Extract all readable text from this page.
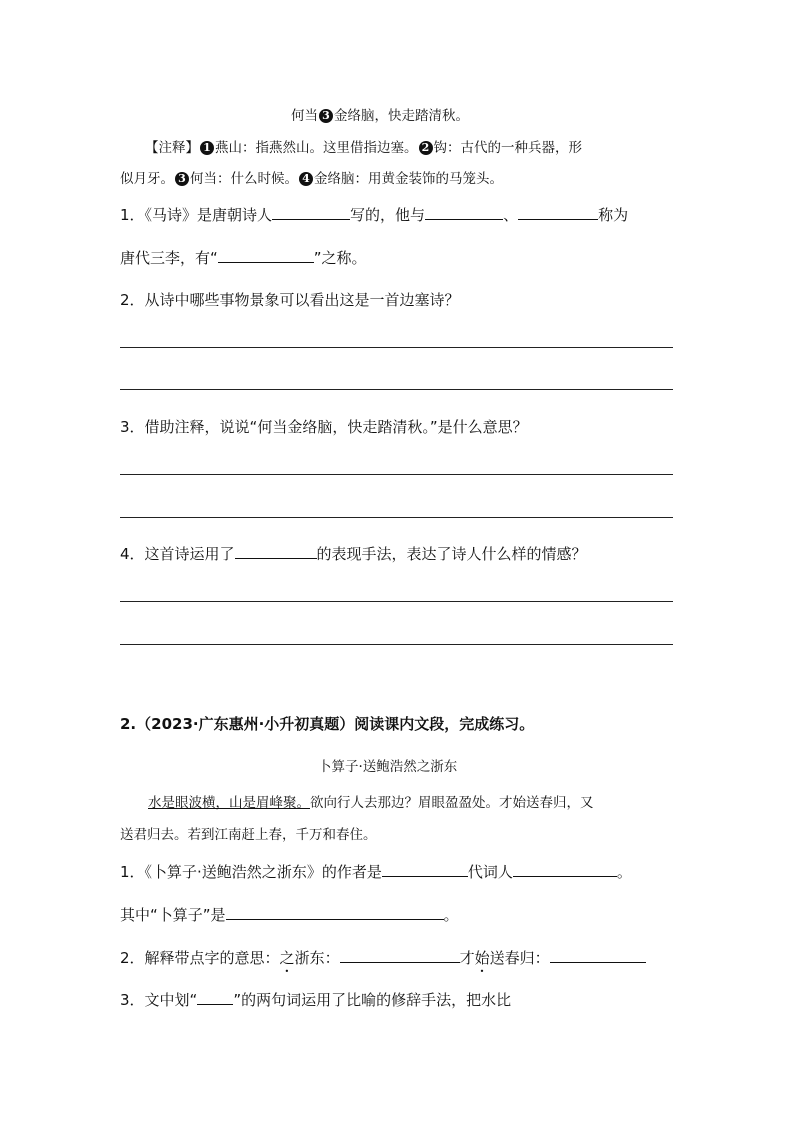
何当 3 金络脑，快走踏清秋。
【注释】 1 燕山：指燕然山。这里借指边塞。 2 钩：古代的一种兵器，形
似月牙。 3 何当：什么时候。 4 金络脑：用黄金装饰的马笼头。
1．《马诗》是唐朝诗人	写的，他与	、	称为
唐代三李，有“	”之称。
2．从诗中哪些事物景象可以看出这是一首边塞诗？
3．借助注释，说说“何当金络脑，快走踏清秋。”是什么意思？
4．这首诗运用了	的表现手法，表达了诗人什么样的情感？
2.（2023·广东惠州·小升初真题）阅读课内文段，完成练习。
卜算子·送鲍浩然之浙东
水是眼波横，山是眉峰聚。欲向行人去那边？眉眼盈盈处。才始送春归，又
送君归去。若到江南赶上春，千万和春住。
1．《卜算子·送鲍浩然之浙东》的作者是	代词人	。
其中“卜算子”是	。
2．解释带点字的意思：之浙东：	才始送春归：
3．文中划“ ”的两句词运用了比喻的修辞手法，把水比
